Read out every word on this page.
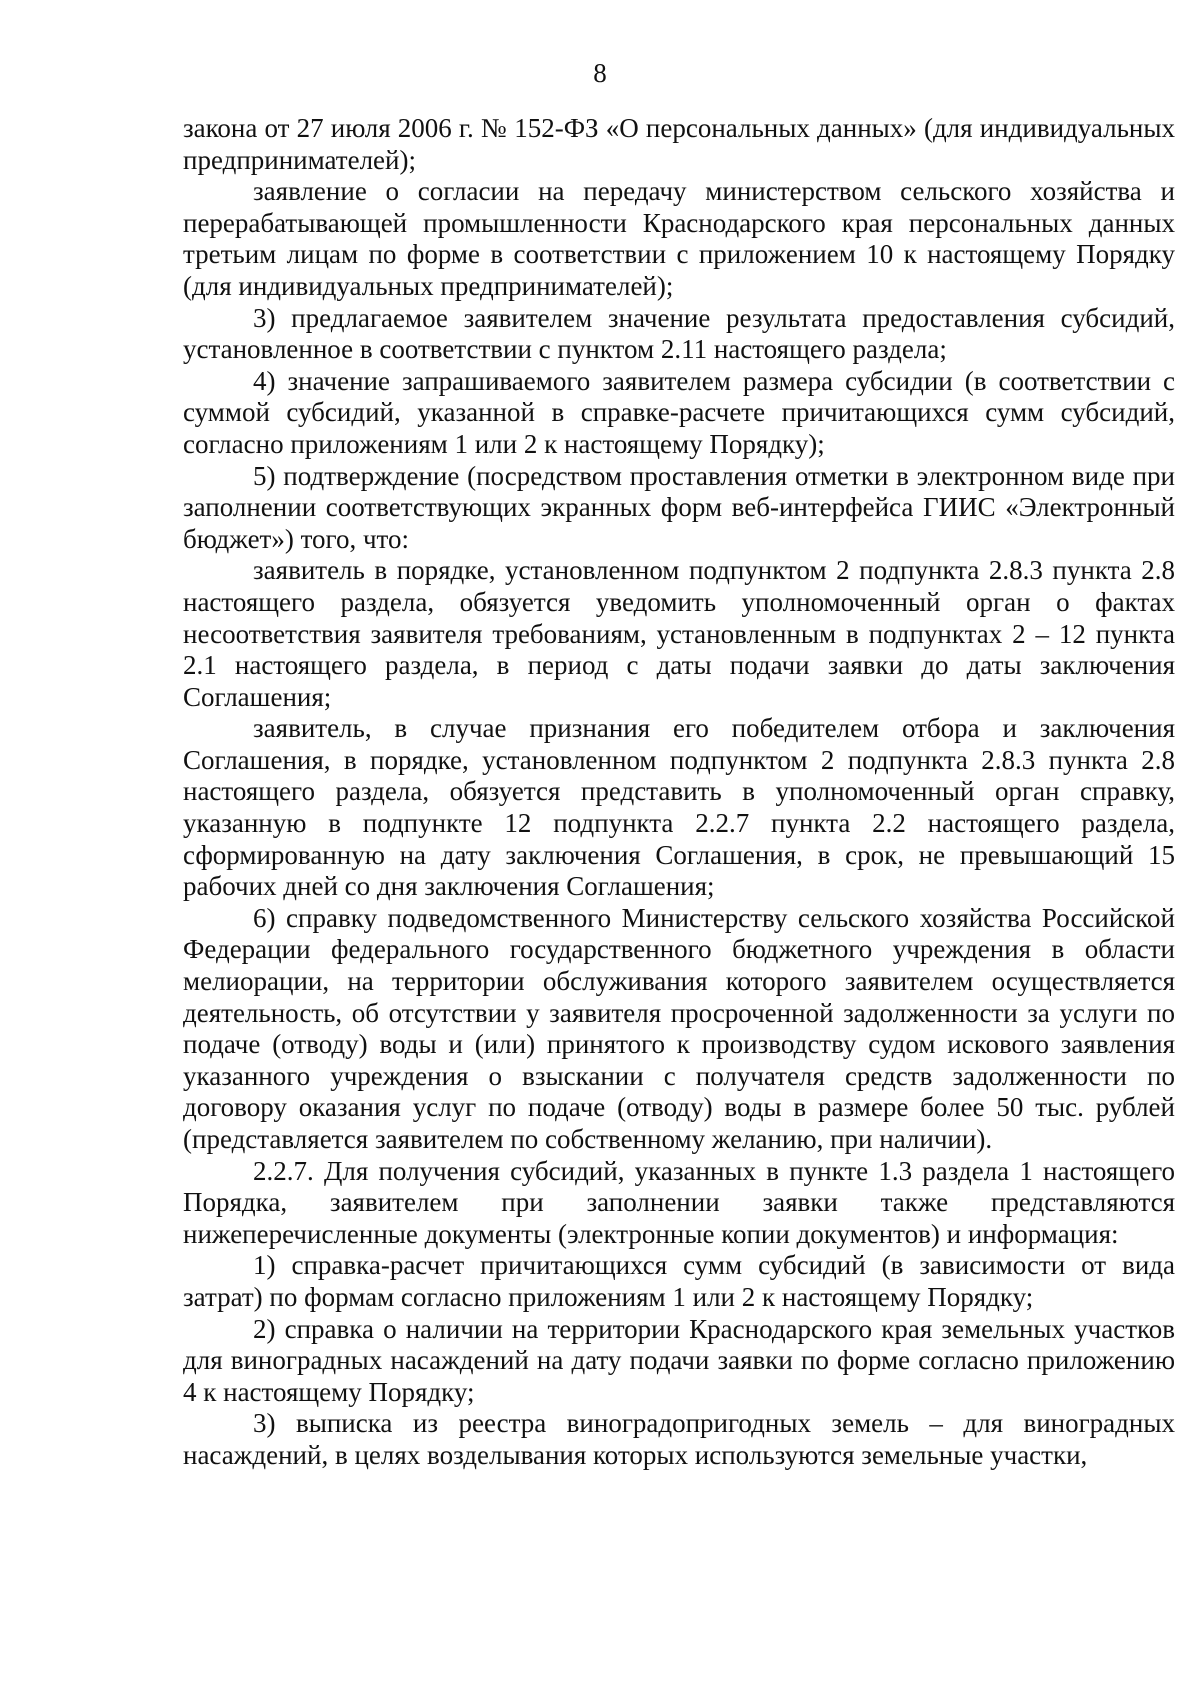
8

закона от 27 июля 2006 г. № 152-ФЗ «О персональных данных» (для индивидуальных предпринимателей);

заявление о согласии на передачу министерством сельского хозяйства и перерабатывающей промышленности Краснодарского края персональных данных третьим лицам по форме в соответствии с приложением 10 к настоящему Порядку (для индивидуальных предпринимателей);

3) предлагаемое заявителем значение результата предоставления субсидий, установленное в соответствии с пунктом 2.11 настоящего раздела;

4) значение запрашиваемого заявителем размера субсидии (в соответствии с суммой субсидий, указанной в справке-расчете причитающихся сумм субсидий, согласно приложениям 1 или 2 к настоящему Порядку);

5) подтверждение (посредством проставления отметки в электронном виде при заполнении соответствующих экранных форм веб-интерфейса ГИИС «Электронный бюджет») того, что:

заявитель в порядке, установленном подпунктом 2 подпункта 2.8.3 пункта 2.8 настоящего раздела, обязуется уведомить уполномоченный орган о фактах несоответствия заявителя требованиям, установленным в подпунктах 2 – 12 пункта 2.1 настоящего раздела, в период с даты подачи заявки до даты заключения Соглашения;

заявитель, в случае признания его победителем отбора и заключения Соглашения, в порядке, установленном подпунктом 2 подпункта 2.8.3 пункта 2.8 настоящего раздела, обязуется представить в уполномоченный орган справку, указанную в подпункте 12 подпункта 2.2.7 пункта 2.2 настоящего раздела, сформированную на дату заключения Соглашения, в срок, не превышающий 15 рабочих дней со дня заключения Соглашения;

6) справку подведомственного Министерству сельского хозяйства Российской Федерации федерального государственного бюджетного учреждения в области мелиорации, на территории обслуживания которого заявителем осуществляется деятельность, об отсутствии у заявителя просроченной задолженности за услуги по подаче (отводу) воды и (или) принятого к производству судом искового заявления указанного учреждения о взыскании с получателя средств задолженности по договору оказания услуг по подаче (отводу) воды в размере более 50 тыс. рублей (представляется заявителем по собственному желанию, при наличии).

2.2.7. Для получения субсидий, указанных в пункте 1.3 раздела 1 настоящего Порядка, заявителем при заполнении заявки также представляются нижеперечисленные документы (электронные копии документов) и информация:

1) справка-расчет причитающихся сумм субсидий (в зависимости от вида затрат) по формам согласно приложениям 1 или 2 к настоящему Порядку;

2) справка о наличии на территории Краснодарского края земельных участков для виноградных насаждений на дату подачи заявки по форме согласно приложению 4 к настоящему Порядку;

3) выписка из реестра виноградопригодных земель – для виноградных насаждений, в целях возделывания которых используются земельные участки,
